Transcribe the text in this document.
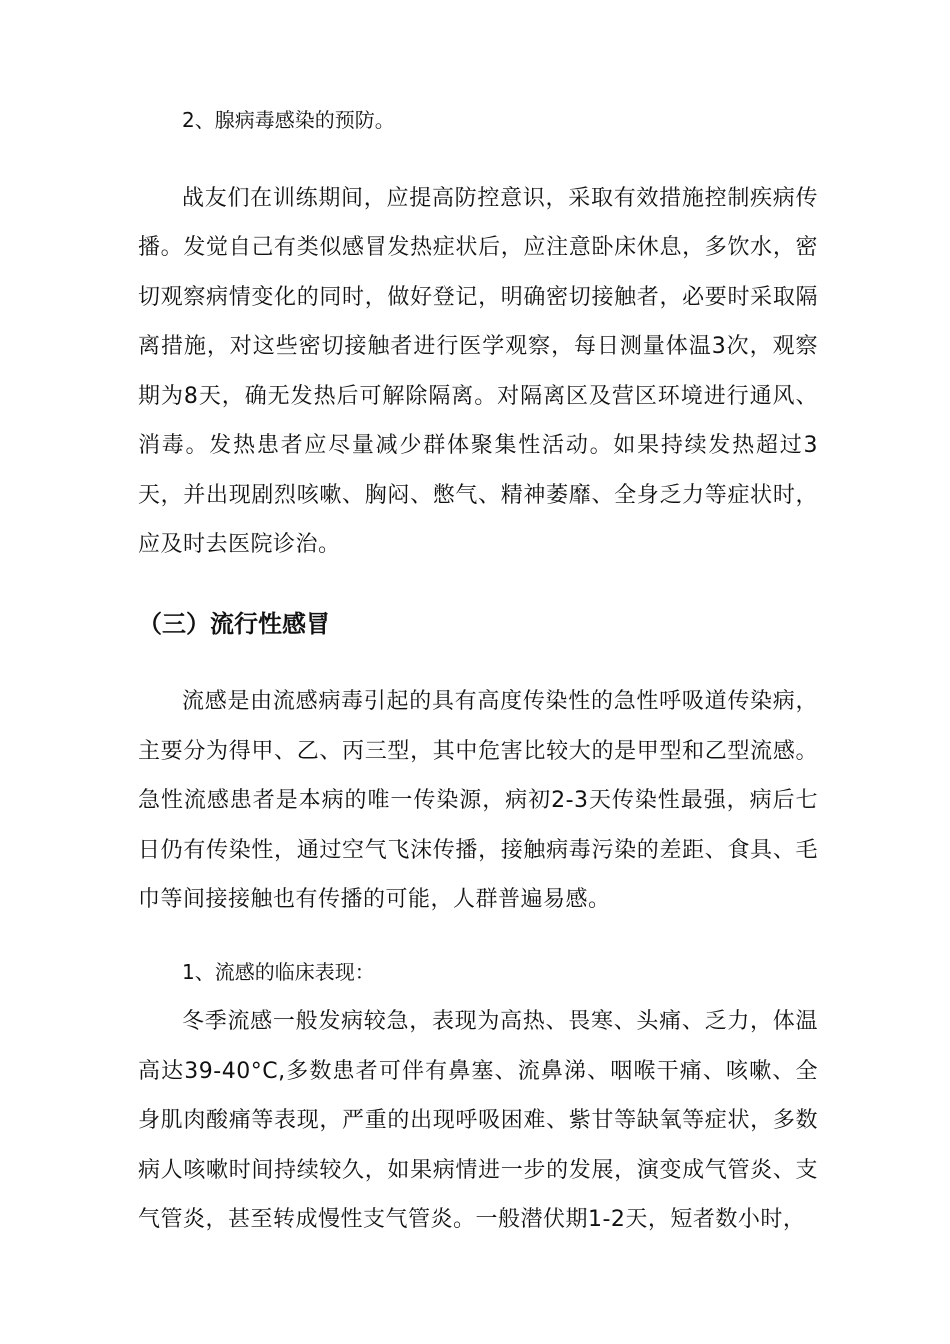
2、腺病毒感染的预防。

战友们在训练期间，应提高防控意识，采取有效措施控制疾病传播。发觉自己有类似感冒发热症状后，应注意卧床休息，多饮水，密切观察病情变化的同时，做好登记，明确密切接触者，必要时采取隔离措施，对这些密切接触者进行医学观察，每日测量体温3次，观察期为8天，确无发热后可解除隔离。对隔离区及营区环境进行通风、消毒。发热患者应尽量减少群体聚集性活动。如果持续发热超过3天，并出现剧烈咳嗽、胸闷、憋气、精神萎靡、全身乏力等症状时，应及时去医院诊治。

（三）流行性感冒

流感是由流感病毒引起的具有高度传染性的急性呼吸道传染病，主要分为得甲、乙、丙三型，其中危害比较大的是甲型和乙型流感。急性流感患者是本病的唯一传染源，病初2-3天传染性最强，病后七日仍有传染性，通过空气飞沫传播，接触病毒污染的差距、食具、毛巾等间接接触也有传播的可能，人群普遍易感。

1、流感的临床表现：

冬季流感一般发病较急，表现为高热、畏寒、头痛、乏力，体温高达39-40°C,多数患者可伴有鼻塞、流鼻涕、咽喉干痛、咳嗽、全身肌肉酸痛等表现，严重的出现呼吸困难、紫甘等缺氧等症状，多数病人咳嗽时间持续较久，如果病情进一步的发展，演变成气管炎、支气管炎，甚至转成慢性支气管炎。一般潜伏期1-2天，短者数小时，
